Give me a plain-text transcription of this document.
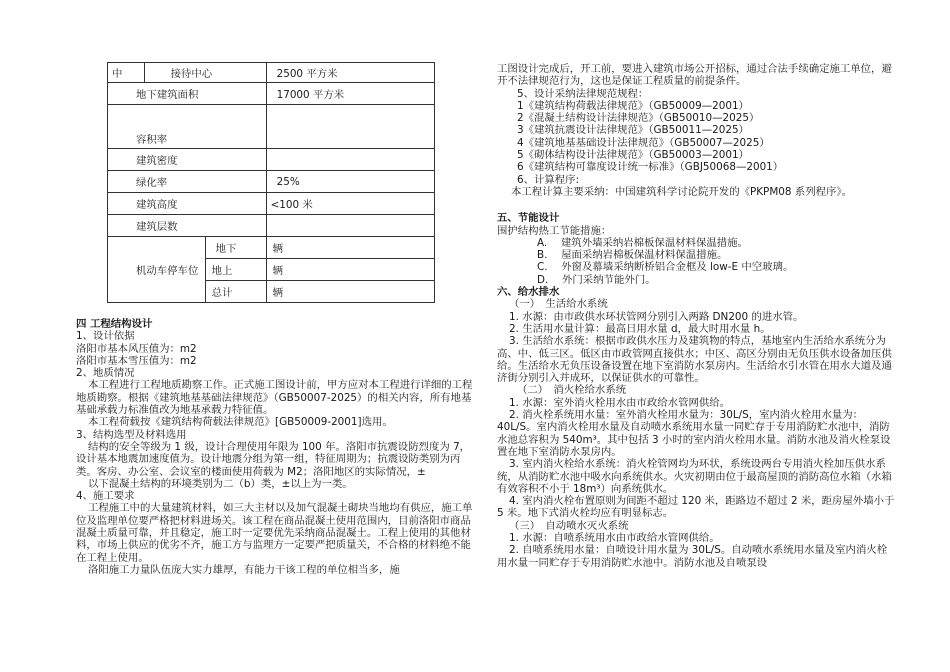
中	接待中心		2500 平方米
地下建筑面积			17000 平方米
容积率			
建筑密度			
绿化率			25%
建筑高度			<100 米
建筑层数			
机动车停车位		地下	辆
		地上	辆
		总计	辆

四 工程结构设计

1、设计依据

洛阳市基本风压值为：m2

洛阳市基本雪压值为：m2

2、地质情况

本工程进行工程地质勘察工作。正式施工图设计前，甲方应对本工程进行详细的工程地质勘察。根据《建筑地基基础法律规范》（GB50007-2025）的相关内容，所有地基基础承载力标准值改为地基承载力特征值。

本工程荷载按《建筑结构荷载法律规范》[GB50009-2001]选用。

3、结构选型及材料选用

结构的安全等级为 1 级，设计合理使用年限为 100 年。洛阳市抗震设防烈度为 7，设计基本地震加速度值为。设计地震分组为第一组，特征周期为；抗震设防类别为丙类。客房、办公室、会议室的楼面使用荷载为 M2；洛阳地区的实际情况，±

以下混凝土结构的环境类别为二（b）类，±以上为一类。

4、施工要求

工程施工中的大量建筑材料，如三大主材以及加气混凝土砌块当地均有供应，施工单位及监理单位要严格把材料进场关。该工程在商品混凝土使用范围内，目前洛阳市商品混凝土质量可靠，并且稳定，施工时一定要优先采纳商品混凝土。工程上使用的其他材料，市场上供应的优劣不齐，施工方与监理方一定要严把质量关，不合格的材料绝不能在工程上使用。

洛阳施工力量队伍庞大实力雄厚，有能力干该工程的单位相当多，施

工图设计完成后，开工前，要进入建筑市场公开招标，通过合法手续确定施工单位，避开不法律规范行为，这也是保证工程质量的前提条件。

5、设计采纳法律规范规程：

1《建筑结构荷载法律规范》（GB50009—2001）

2《混凝土结构设计法律规范》（GB50010—2025）

3《建筑抗震设计法律规范》（GB50011—2025）

4《建筑地基基础设计法律规范》（GB50007—2025）

5《砌体结构设计法律规范》（GB50003—2001）

6《建筑结构可靠度设计统一标准》（GBJ50068—2001）

6、计算程序:

本工程计算主要采纳：中国建筑科学讨论院开发的《PKPM08 系列程序》。

五、节能设计

围护结构热工节能措施：

A.　 建筑外墙采纳岩棉板保温材料保温措施。

B.　 屋面采纳岩棉板保温材料保温措施。

C.　 外窗及幕墙采纳断桥铝合金框及 low-E 中空玻璃。

D.　 外门采纳节能外门。

六、给水排水

（一）　生活给水系统

1. 水源：由市政供水环状管网分别引入两路 DN200 的进水管。

2. 生活用水量计算：最高日用水量 d，最大时用水量 h。

3. 生活给水系统：根据市政供水压力及建筑物的特点，基地室内生活给水系统分为高、中、低三区。低区由市政管网直接供水；中区、高区分别由无负压供水设备加压供给。生活给水无负压设备设置在地下室消防水泵房内。生活给水引水管在用水大道及通济街分别引入并成环，以保证供水的可靠性。

（二）　消火栓给水系统

1. 水源：室外消火栓用水由市政给水管网供给。

2. 消火栓系统用水量：室外消火栓用水量为：30L/S，室内消火栓用水量为：40L/S。室内消火栓用水量及自动喷水系统用水量一同贮存于专用消防贮水池中，消防水池总容积为 540m³。其中包括 3 小时的室内消火栓用水量。消防水池及消火栓泵设置在地下室消防水泵房内。

3. 室内消火栓给水系统：消火栓管网均为环状，系统设两台专用消火栓加压供水系统，从消防贮水池中吸水向系统供水。火灾初期由位于最高屋顶的消防高位水箱（水箱有效容积不小于 18m³）向系统供水。

4. 室内消火栓布置原则为间距不超过 120 米，距路边不超过 2 米，距房屋外墙小于 5 米。地下式消火栓均应有明显标志。

（三）　自动喷水灭火系统

1. 水源：自喷系统用水由市政给水管网供给。

2. 自喷系统用水量：自喷设计用水量为 30L/S。自动喷水系统用水量及室内消火栓用水量一同贮存于专用消防贮水池中。消防水池及自喷泵设
